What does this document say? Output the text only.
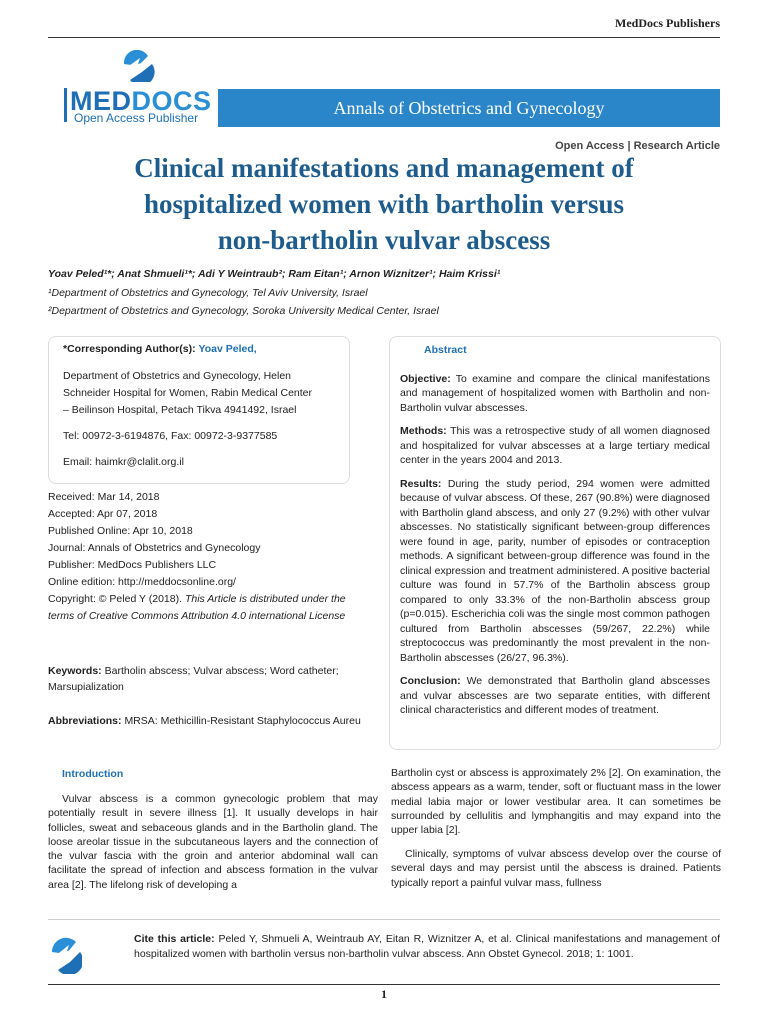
MedDocs Publishers
MEDDOCS
Open Access Publisher
Annals of Obstetrics and Gynecology
Open Access | Research Article
Clinical manifestations and management of
hospitalized women with bartholin versus
non-bartholin vulvar abscess
Yoav Peled¹*; Anat Shmueli¹*; Adi Y Weintraub²; Ram Eitan¹; Arnon Wiznitzer¹; Haim Krissi¹
¹Department of Obstetrics and Gynecology, Tel Aviv University, Israel
²Department of Obstetrics and Gynecology, Soroka University Medical Center, Israel
*Corresponding Author(s): Yoav Peled,

Department of Obstetrics and Gynecology, Helen

Schneider Hospital for Women, Rabin Medical Center

– Beilinson Hospital, Petach Tikva 4941492, Israel

Tel: 00972-3-6194876, Fax: 00972-3-9377585

Email: haimkr@clalit.org.il

Received: Mar 14, 2018
Accepted: Apr 07, 2018
Published Online: Apr 10, 2018
Journal: Annals of Obstetrics and Gynecology
Publisher: MedDocs Publishers LLC
Online edition: http://meddocsonline.org/
Copyright: © Peled Y (2018). This Article is distributed under the terms of Creative Commons Attribution 4.0 international License
Keywords: Bartholin abscess; Vulvar abscess; Word catheter; Marsupialization
Abbreviations: MRSA: Methicillin-Resistant Staphylococcus Aureu
Abstract

Objective: To examine and compare the clinical manifestations and management of hospitalized women with Bartholin and non-Bartholin vulvar abscesses.

Methods: This was a retrospective study of all women diagnosed and hospitalized for vulvar abscesses at a large tertiary medical center in the years 2004 and 2013.

Results: During the study period, 294 women were admitted because of vulvar abscess. Of these, 267 (90.8%) were diagnosed with Bartholin gland abscess, and only 27 (9.2%) with other vulvar abscesses. No statistically significant between-group differences were found in age, parity, number of episodes or contraception methods. A significant between-group difference was found in the clinical expression and treatment administered. A positive bacterial culture was found in 57.7% of the Bartholin abscess group compared to only 33.3% of the non-Bartholin abscess group (p=0.015). Escherichia coli was the single most common pathogen cultured from Bartholin abscesses (59/267, 22.2%) while streptococcus was predominantly the most prevalent in the non-Bartholin abscesses (26/27, 96.3%).

Conclusion: We demonstrated that Bartholin gland abscesses and vulvar abscesses are two separate entities, with different clinical characteristics and different modes of treatment.

Introduction
Vulvar abscess is a common gynecologic problem that may potentially result in severe illness [1]. It usually develops in hair follicles, sweat and sebaceous glands and in the Bartholin gland. The loose areolar tissue in the subcutaneous layers and the connection of the vulvar fascia with the groin and anterior abdominal wall can facilitate the spread of infection and abscess formation in the vulvar area [2]. The lifelong risk of developing a
Bartholin cyst or abscess is approximately 2% [2]. On examination, the abscess appears as a warm, tender, soft or fluctuant mass in the lower medial labia major or lower vestibular area. It can sometimes be surrounded by cellulitis and lymphangitis and may expand into the upper labia [2].
Clinically, symptoms of vulvar abscess develop over the course of several days and may persist until the abscess is drained. Patients typically report a painful vulvar mass, fullness
Cite this article: Peled Y, Shmueli A, Weintraub AY, Eitan R, Wiznitzer A, et al. Clinical manifestations and management of hospitalized women with bartholin versus non-bartholin vulvar abscess. Ann Obstet Gynecol. 2018; 1: 1001.
1
